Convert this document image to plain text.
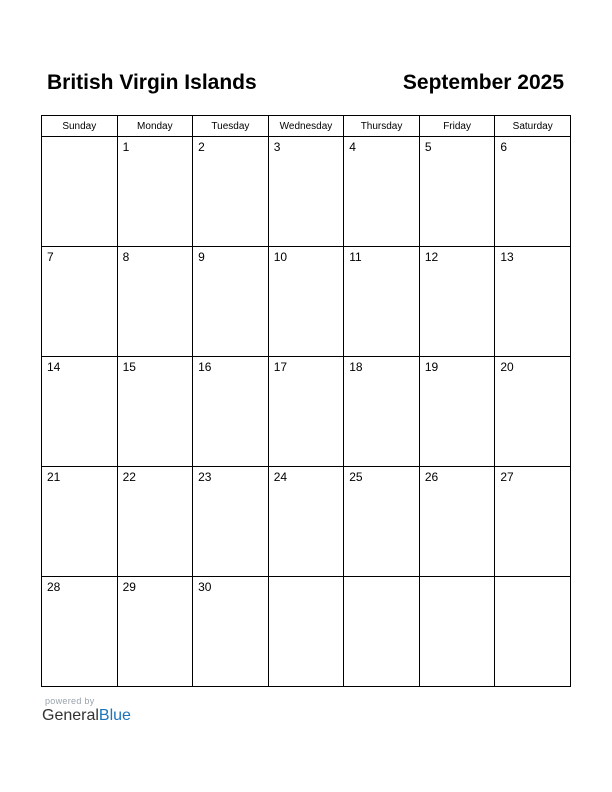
British Virgin Islands	September 2025
Sunday	Monday	Tuesday	Wednesday	Thursday	Friday	Saturday

	1	2	3	4	5	6

7	8	9	10	11	12	13

14	15	16	17	18	19	20

21	22	23	24	25	26	27

28	29	30				

powered by
GeneralBlue
